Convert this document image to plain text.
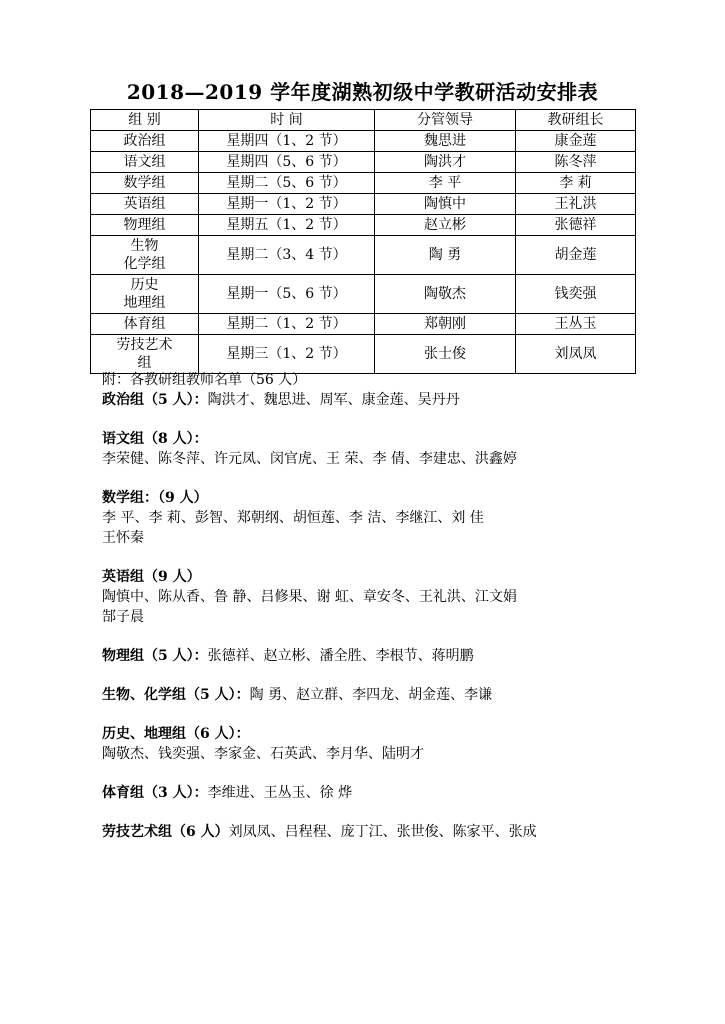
2018—2019 学年度湖熟初级中学教研活动安排表
组 别	时 间	分管领导	教研组长
政治组	星期四（1、2 节）	魏思进	康金莲
语文组	星期四（5、6 节）	陶洪才	陈冬萍
数学组	星期二（5、6 节）	李 平	李 莉
英语组	星期一（1、2 节）	陶慎中	王礼洪
物理组	星期五（1、2 节）	赵立彬	张德祥
生物
化学组	星期二（3、4 节）	陶 勇	胡金莲
历史
地理组	星期一（5、6 节）	陶敬杰	钱奕强
体育组	星期二（1、2 节）	郑朝刚	王丛玉
劳技艺术
组	星期三（1、2 节）	张士俊	刘凤凤
附：各教研组教师名单（56 人）
政治组（5 人）：陶洪才、魏思进、周军、康金莲、吴丹丹
语文组（8 人）：
李荣健、陈冬萍、许元凤、闵官虎、王 荣、李 倩、李建忠、洪鑫婷
数学组：（9 人）
李 平、李 莉、彭智、郑朝纲、胡恒莲、李 洁、李继江、刘 佳
王怀秦
英语组（9 人）
陶慎中、陈从香、鲁 静、吕修果、谢 虹、章安冬、王礼洪、江文娟
郜子晨
物理组（5 人）：张德祥、赵立彬、潘全胜、李根节、蒋明鹏
生物、化学组（5 人）：陶 勇、赵立群、李四龙、胡金莲、李谦
历史、地理组（6 人）：
陶敬杰、钱奕强、李家金、石英武、李月华、陆明才
体育组（3 人）：李维进、王丛玉、徐 烨
劳技艺术组（6 人）刘凤凤、吕程程、庞丁江、张世俊、陈家平、张成
